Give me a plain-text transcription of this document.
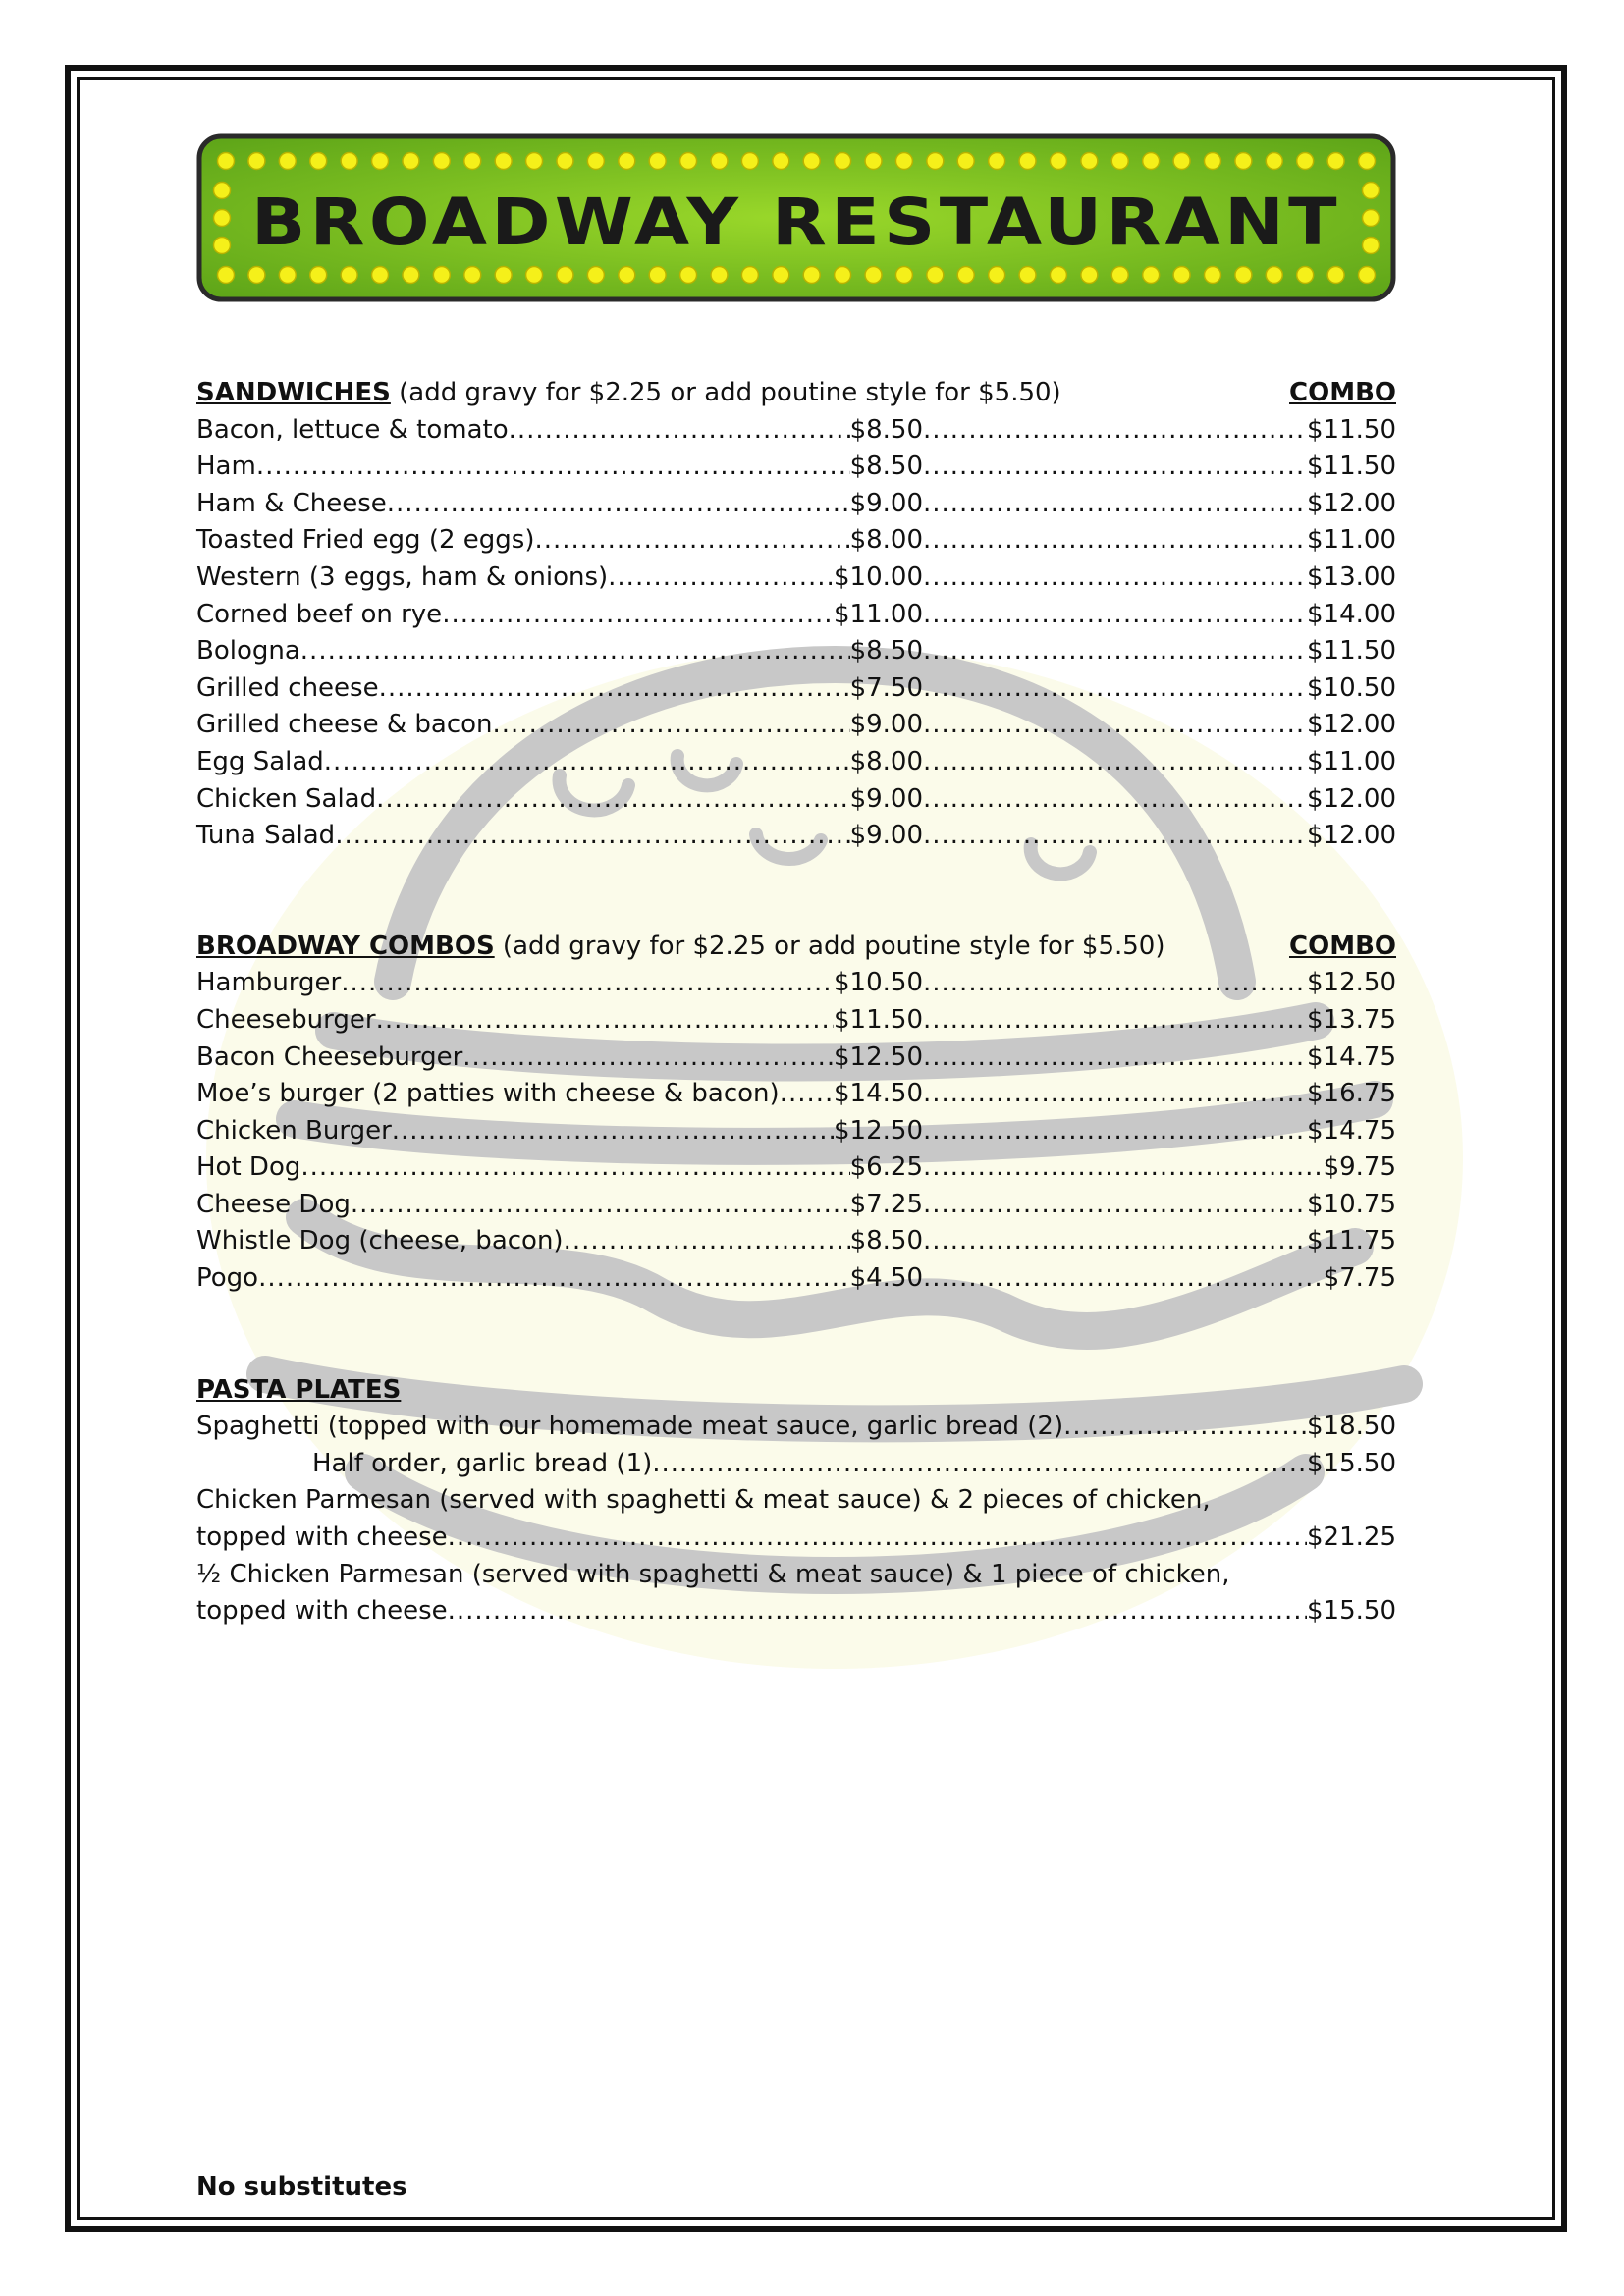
BROADWAY RESTAURANT
SANDWICHES (add gravy for $2.25 or add poutine style for $5.50)	COMBO
Bacon, lettuce & tomato .....	$8.50 .....	$11.50
Ham .....	$8.50 .....	$11.50
Ham & Cheese .....	$9.00 .....	$12.00
Toasted Fried egg (2 eggs) .....	$8.00 .....	$11.00
Western (3 eggs, ham & onions) .....	$10.00 .....	$13.00
Corned beef on rye .....	$11.00 .....	$14.00
Bologna .....	$8.50 .....	$11.50
Grilled cheese .....	$7.50 .....	$10.50
Grilled cheese & bacon .....	$9.00 .....	$12.00
Egg Salad .....	$8.00 .....	$11.00
Chicken Salad .....	$9.00 .....	$12.00
Tuna Salad .....	$9.00 .....	$12.00
BROADWAY COMBOS (add gravy for $2.25 or add poutine style for $5.50)	COMBO
Hamburger .....	$10.50 .....	$12.50
Cheeseburger .....	$11.50 .....	$13.75
Bacon Cheeseburger .....	$12.50 .....	$14.75
Moe’s burger (2 patties with cheese & bacon) ..... $14.50 .....	$16.75
Chicken Burger .....	$12.50 .....	$14.75
Hot Dog .....	$6.25 .....	$9.75
Cheese Dog .....	$7.25 .....	$10.75
Whistle Dog (cheese, bacon) .....	$8.50 .....	$11.75
Pogo .....	$4.50 .....	$7.75
PASTA PLATES
Spaghetti (topped with our homemade meat sauce, garlic bread (2) .....	$18.50
Half order, garlic bread (1) .....	$15.50
Chicken Parmesan (served with spaghetti & meat sauce) & 2 pieces of chicken,
topped with cheese .....	$21.25
½ Chicken Parmesan (served with spaghetti & meat sauce) & 1 piece of chicken,
topped with cheese .....	$15.50
No substitutes
